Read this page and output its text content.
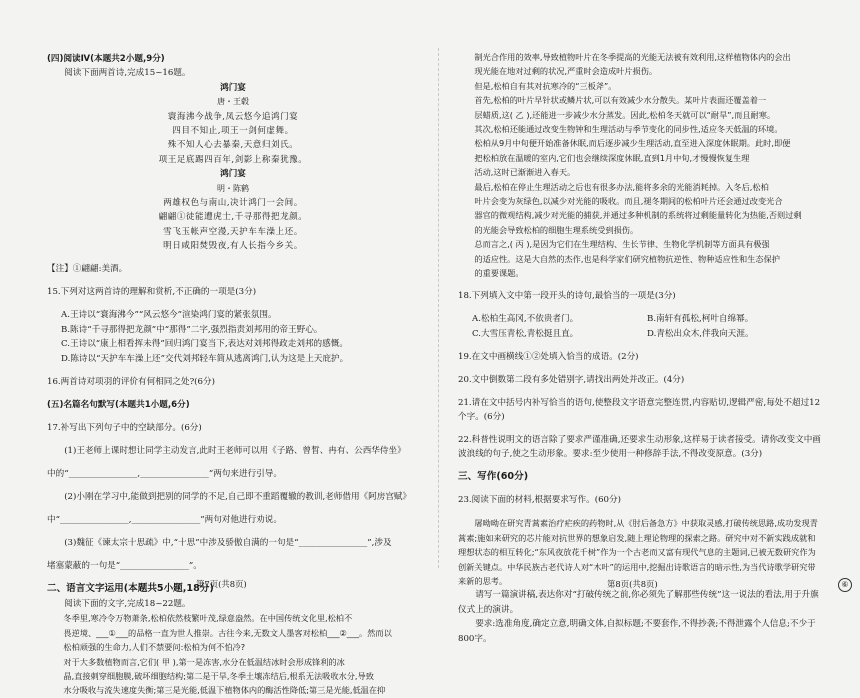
(四)阅读Ⅳ(本题共2小题,9分)

阅读下面两首诗,完成15~16题。

鸿门宴

唐・王毂

寰海沸今战争,凤云悠今追鸿门宴

四目不知止,项王一剑何虚舞。

殊不知人心去暴秦,天意归刘氏。

项王足底踢四百年,剑影上称秦犹豫。

鸿门宴

明・陈鹤

两雄权色与南山,决计鸿门一会间。

翩翩①徒能遭虎士,千寻那得把龙颜。

雪飞玉帐声空漫,天护车车澡上还。

明日咸阳焚毁夜,有人长指今乡关。

【注】①翩翩:美酒。

15.下列对这两首诗的理解和赏析,不正确的一项是(3分)

A.王诗以“寰海沸今”“风云悠今”渲染鸿门宴的紧张氛围。

B.陈诗“千寻那得把龙颜”中“那得”二字,强烈指责刘邦用的帝王野心。

C.王诗以“康上相看挥未得”回归鸿门宴当下,表达对刘邦得政走刘邦的感慨。

D.陈诗以“天护车车澡上还”交代刘邦轻车简从逃离鸿门,认为这是上天庇护。

16.两首诗对项羽的评价有何相同之处?(6分)

(五)名篇名句默写(本题共1小题,6分)

17.补写出下列句子中的空缺部分。(6分)

(1)王老师上课时想让同学主动发言,此时王老师可以用《子路、曾晳、冉有、公西华侍坐》

中的“________________,________________”两句来进行引导。

(2)小刚在学习中,能做到把别的同学的不足,自己即不重蹈覆辙的教训,老师借用《阿房宫赋》

中“________________,________________”两句对他进行劝说。

(3)魏征《谏太宗十思疏》中,“十思”中涉及骄傲自满的一句是“________________”,涉及

堵塞蒙蔽的一句是“________________”。

二、语言文字运用(本题共5小题,18分)

阅读下面的文字,完成18~22题。

冬季里,寒冷令万物萧条,松柏依然枝繁叶茂,绿意盎然。在中国传统文化里,松柏不

畏逆境、___①___的品格一直为世人推崇。古往今来,无数文人墨客对松柏___②___。然而以

松柏顽强的生命力,人们不禁要问:松柏为何不怕冷?

对于大多数植物而言,它们( 甲 ),第一是冻害,水分在低温结冰时会形成锋利的冰

晶,直接刺穿细胞膜,破坏细胞结构;第二是干旱,冬季土壤冻结后,根系无法吸收水分,导致

水分吸收与流失速度失衡;第三是光能,低温下植物体内的酶活性降低;第三是光能,低温在抑

制光合作用的效率,导致植物叶片在冬季提高的光能无法被有效利用,这样植物体内的会出

现光能在地对过剩的状况,严重时会造成叶片损伤。

但是,松柏自有其对抗寒冷的“三板斧”。

首先,松柏的叶片早针状或鳞片状,可以有效减少水分散失。某叶片表面还覆盖着一

层蜡质,这( 乙 ),还能进一步减少水分蒸发。因此,松柏冬天就可以“耐旱”,而且耐寒。

其次,松柏还能通过改变生物钟和生理活动与季节变化的同步性,适应冬天低温的环境。

松柏从9月中旬便开始准备休眠,而后逐步减少生理活动,直至进入深度休眠期。此时,即便

把松柏放在温暖的室内,它们也会继续深度休眠,直到1月中旬,才慢慢恢复生理

活动,这时已渐渐进入春天。

最后,松柏在停止生理活动之后也有很多办法,能将多余的光能消耗掉。入冬后,松柏

叶片会变为灰绿色,以减少对光能的吸收。而且,褪冬期间的松柏叶片还会通过改变光合

器官的微观结构,减少对光能的捕获,并通过多种机制的系统将过剩能量转化为热能,否则过剩

的光能会导致松柏的细胞生理系统受到损伤。

总而言之,( 丙 ),是因为它们在生理结构、生长节律、生物化学机制等方面具有极强

的适应性。这是大自然的杰作,也是科学家们研究植物抗逆性、物种适应性和生态保护

的重要课题。

18.下列填入文中第一段开头的诗句,最恰当的一项是(3分)

A.松柏生高冈,不依贵者门。	B.南轩有孤松,柯叶自绵幂。
C.大雪压青松,青松挺且直。	D.青松出众木,伴我向天涯。

19.在文中画横线①②处填入恰当的成语。(2分)

20.文中倒数第二段有多处错别字,请找出两处并改正。(4分)

21.请在文中括号内补写恰当的语句,使整段文字语意完整连贯,内容贴切,逻辑严密,每处不超过12个字。(6分)

22.科普性说明文的语言除了要求严谨准确,还要求生动形象,这样易于读者接受。请你改变文中画波浪线的句子,使之生动形象。要求:至少使用一种修辞手法,不得改变原意。(3分)

三、写作(60分)

23.阅读下面的材料,根据要求写作。(60分)

屠呦呦在研究青蒿素治疗疟疾的药物时,从《肘后备急方》中获取灵感,打破传统思路,成功发现青蒿素;施如来研究的芯片能对抗世界的想象启发,随上理论物理的探索之路。研究中对不新实践成就和理想状态的相互转化;“东风夜放花千树”作为一个古老而又富有现代气息的主题词,已被无数研究作为创新关键点。中华民族古老代诗人对“木叶”的运用中,挖掘出诗歌语言的暗示性,为当代诗歌学研究带来新的思考。

请写一篇演讲稿,表达你对“打破传统之前,你必须先了解那些传统”这一说法的看法,用于升旗仪式上的演讲。

要求:选准角度,确定立意,明确文体,自拟标题;不要套作,不得抄袭;不得泄露个人信息;不少于800字。

第7页(共8页)	第8页(共8页)	⑥
